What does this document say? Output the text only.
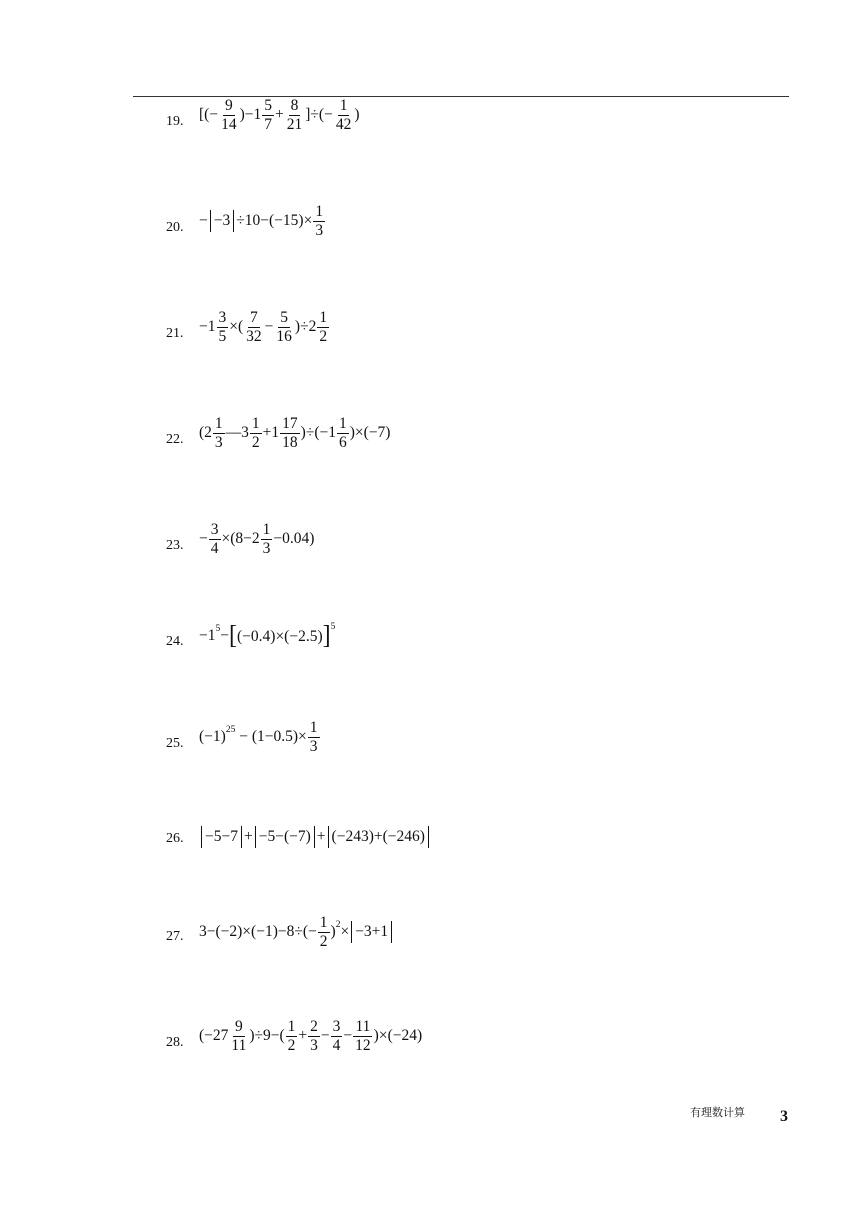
19. [(− $\frac{9}{14} )-1 \frac{5}{7} + \frac{8}{21}$ ]÷(− $\frac{1}{42}$ )
20. − $-3 \div 10-(-15)\times \frac{1}{3}$
21. $-1 \frac{3}{5}$ ×( $\frac{7}{32} - \frac{5}{16} )\div 2 \frac{1}{2}$
22. ($2 \frac{1}{3}$ —3 $\frac{1}{2} +1 \frac{17}{18} )\div(-1 \frac{1}{6} )\times(-7)$
23. − $\frac{3}{4} \times(8-2 \frac{1}{3} -0.04)$
24. $-1^5-$ [ (−0.4)×(−2.5) ]$^5$
25. $(-1)^{25} - (1-0.5)\times \frac{1}{3}$
26. −5−7 + −5−(−7) + (−243)+(−246)
27. $3-(-2)\times(-1)-8\div(- \frac{1}{2} )^2\times -3+1$
28. $(-27 \frac{9}{11} )\div 9-( \frac{1}{2} + \frac{2}{3} - \frac{3}{4} - \frac{11}{12} )\times(-24)$
有理数计算 3
